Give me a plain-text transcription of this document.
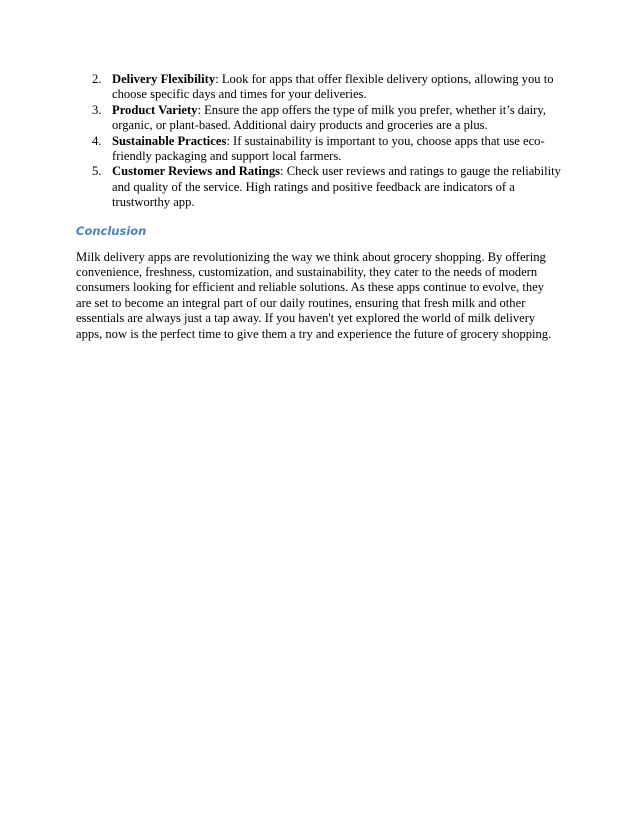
2. Delivery Flexibility: Look for apps that offer flexible delivery options, allowing you to choose specific days and times for your deliveries.
3. Product Variety: Ensure the app offers the type of milk you prefer, whether it’s dairy, organic, or plant-based. Additional dairy products and groceries are a plus.
4. Sustainable Practices: If sustainability is important to you, choose apps that use eco-friendly packaging and support local farmers.
5. Customer Reviews and Ratings: Check user reviews and ratings to gauge the reliability and quality of the service. High ratings and positive feedback are indicators of a trustworthy app.
Conclusion

Milk delivery apps are revolutionizing the way we think about grocery shopping. By offering convenience, freshness, customization, and sustainability, they cater to the needs of modern consumers looking for efficient and reliable solutions. As these apps continue to evolve, they are set to become an integral part of our daily routines, ensuring that fresh milk and other essentials are always just a tap away. If you haven't yet explored the world of milk delivery apps, now is the perfect time to give them a try and experience the future of grocery shopping.
